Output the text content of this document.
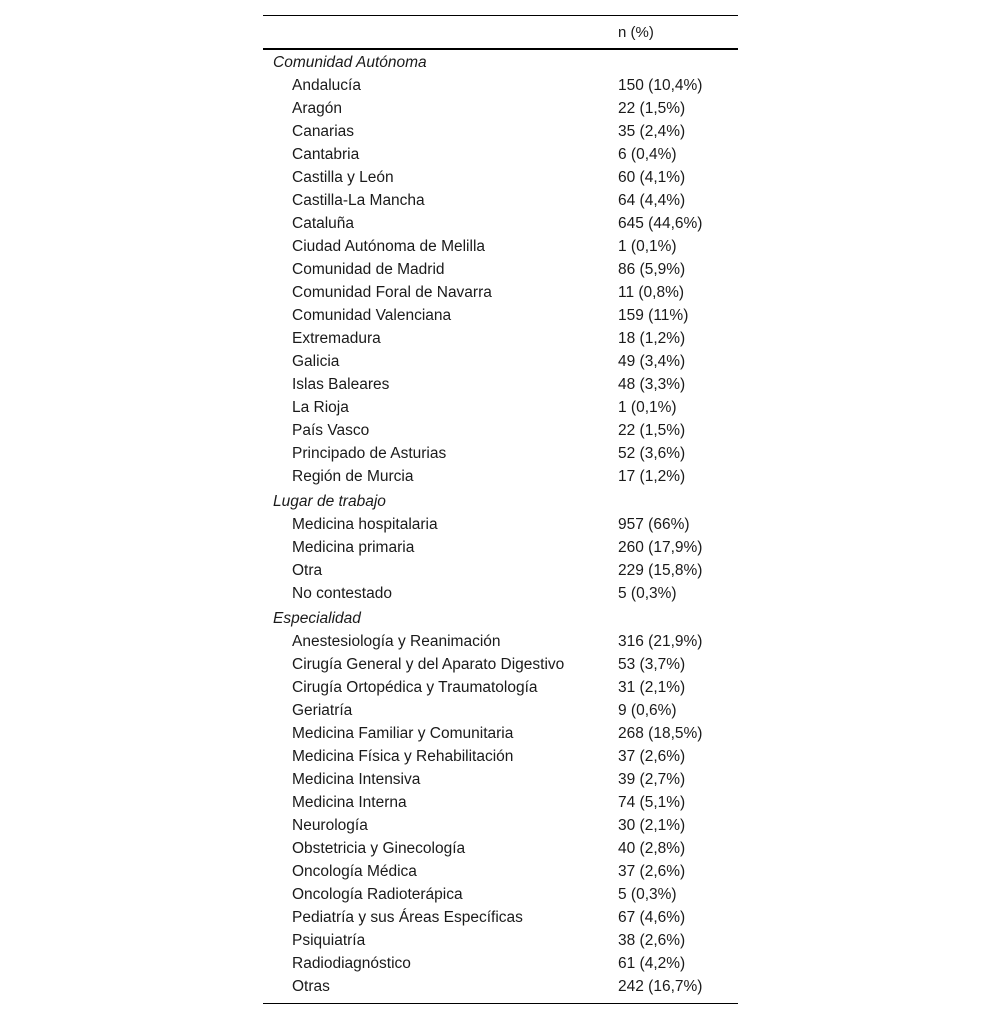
n (%)
Comunidad Autónoma
Andalucía	150 (10,4%)
Aragón	22 (1,5%)
Canarias	35 (2,4%)
Cantabria	6 (0,4%)
Castilla y León	60 (4,1%)
Castilla-La Mancha	64 (4,4%)
Cataluña	645 (44,6%)
Ciudad Autónoma de Melilla	1 (0,1%)
Comunidad de Madrid	86 (5,9%)
Comunidad Foral de Navarra	11 (0,8%)
Comunidad Valenciana	159 (11%)
Extremadura	18 (1,2%)
Galicia	49 (3,4%)
Islas Baleares	48 (3,3%)
La Rioja	1 (0,1%)
País Vasco	22 (1,5%)
Principado de Asturias	52 (3,6%)
Región de Murcia	17 (1,2%)
Lugar de trabajo
Medicina hospitalaria	957 (66%)
Medicina primaria	260 (17,9%)
Otra	229 (15,8%)
No contestado	5 (0,3%)
Especialidad
Anestesiología y Reanimación	316 (21,9%)
Cirugía General y del Aparato Digestivo	53 (3,7%)
Cirugía Ortopédica y Traumatología	31 (2,1%)
Geriatría	9 (0,6%)
Medicina Familiar y Comunitaria	268 (18,5%)
Medicina Física y Rehabilitación	37 (2,6%)
Medicina Intensiva	39 (2,7%)
Medicina Interna	74 (5,1%)
Neurología	30 (2,1%)
Obstetricia y Ginecología	40 (2,8%)
Oncología Médica	37 (2,6%)
Oncología Radioterápica	5 (0,3%)
Pediatría y sus Áreas Específicas	67 (4,6%)
Psiquiatría	38 (2,6%)
Radiodiagnóstico	61 (4,2%)
Otras	242 (16,7%)
